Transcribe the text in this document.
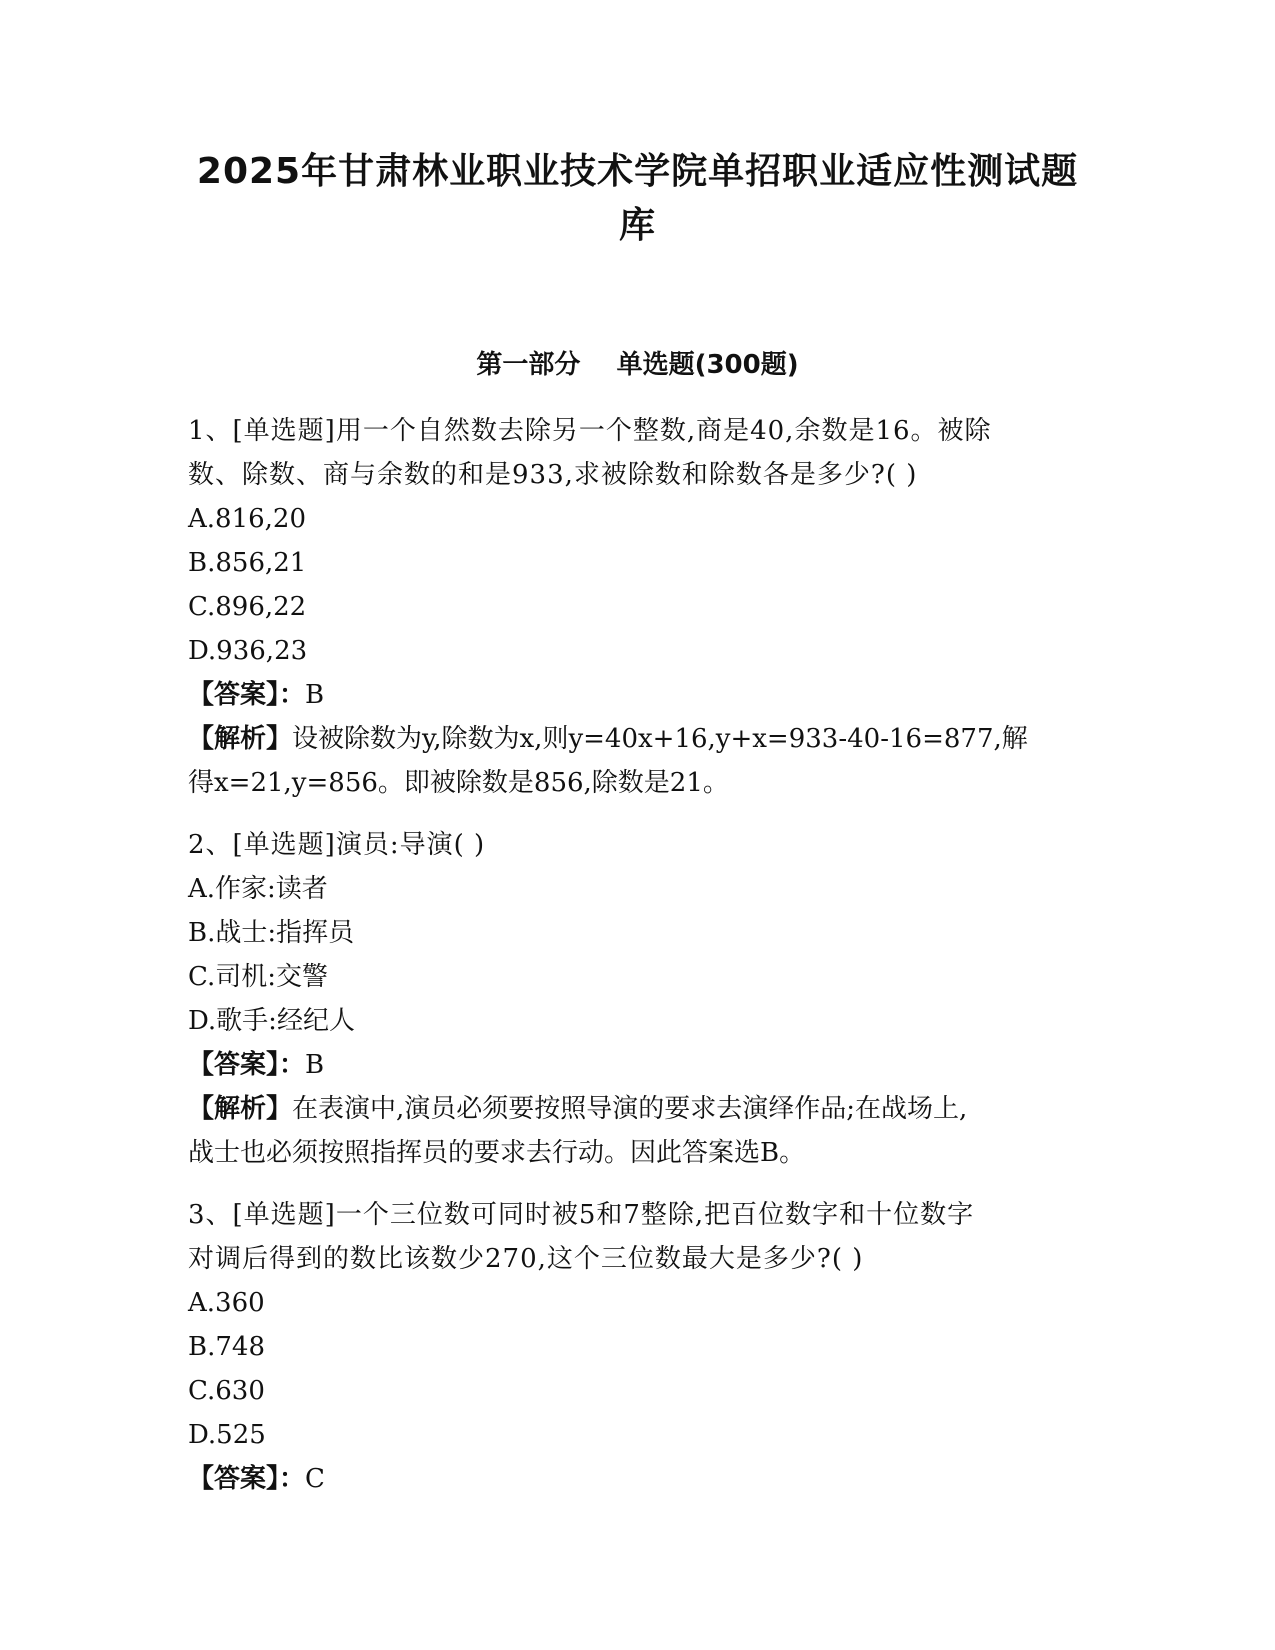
2025年甘肃林业职业技术学院单招职业适应性测试题
库
第一部分    单选题(300题)

1、[单选题]用一个自然数去除另一个整数,商是40,余数是16。被除

数、除数、商与余数的和是933,求被除数和除数各是多少?( )

A.816,20

B.856,21

C.896,22

D.936,23

【答案】：B

【解析】设被除数为y,除数为x,则y=40x+16,y+x=933-40-16=877,解

得x=21,y=856。即被除数是856,除数是21。

2、[单选题]演员:导演( )

A.作家:读者

B.战士:指挥员

C.司机:交警

D.歌手:经纪人

【答案】：B

【解析】在表演中,演员必须要按照导演的要求去演绎作品;在战场上,

战士也必须按照指挥员的要求去行动。因此答案选B。

3、[单选题]一个三位数可同时被5和7整除,把百位数字和十位数字

对调后得到的数比该数少270,这个三位数最大是多少?( )

A.360

B.748

C.630

D.525

【答案】：C
